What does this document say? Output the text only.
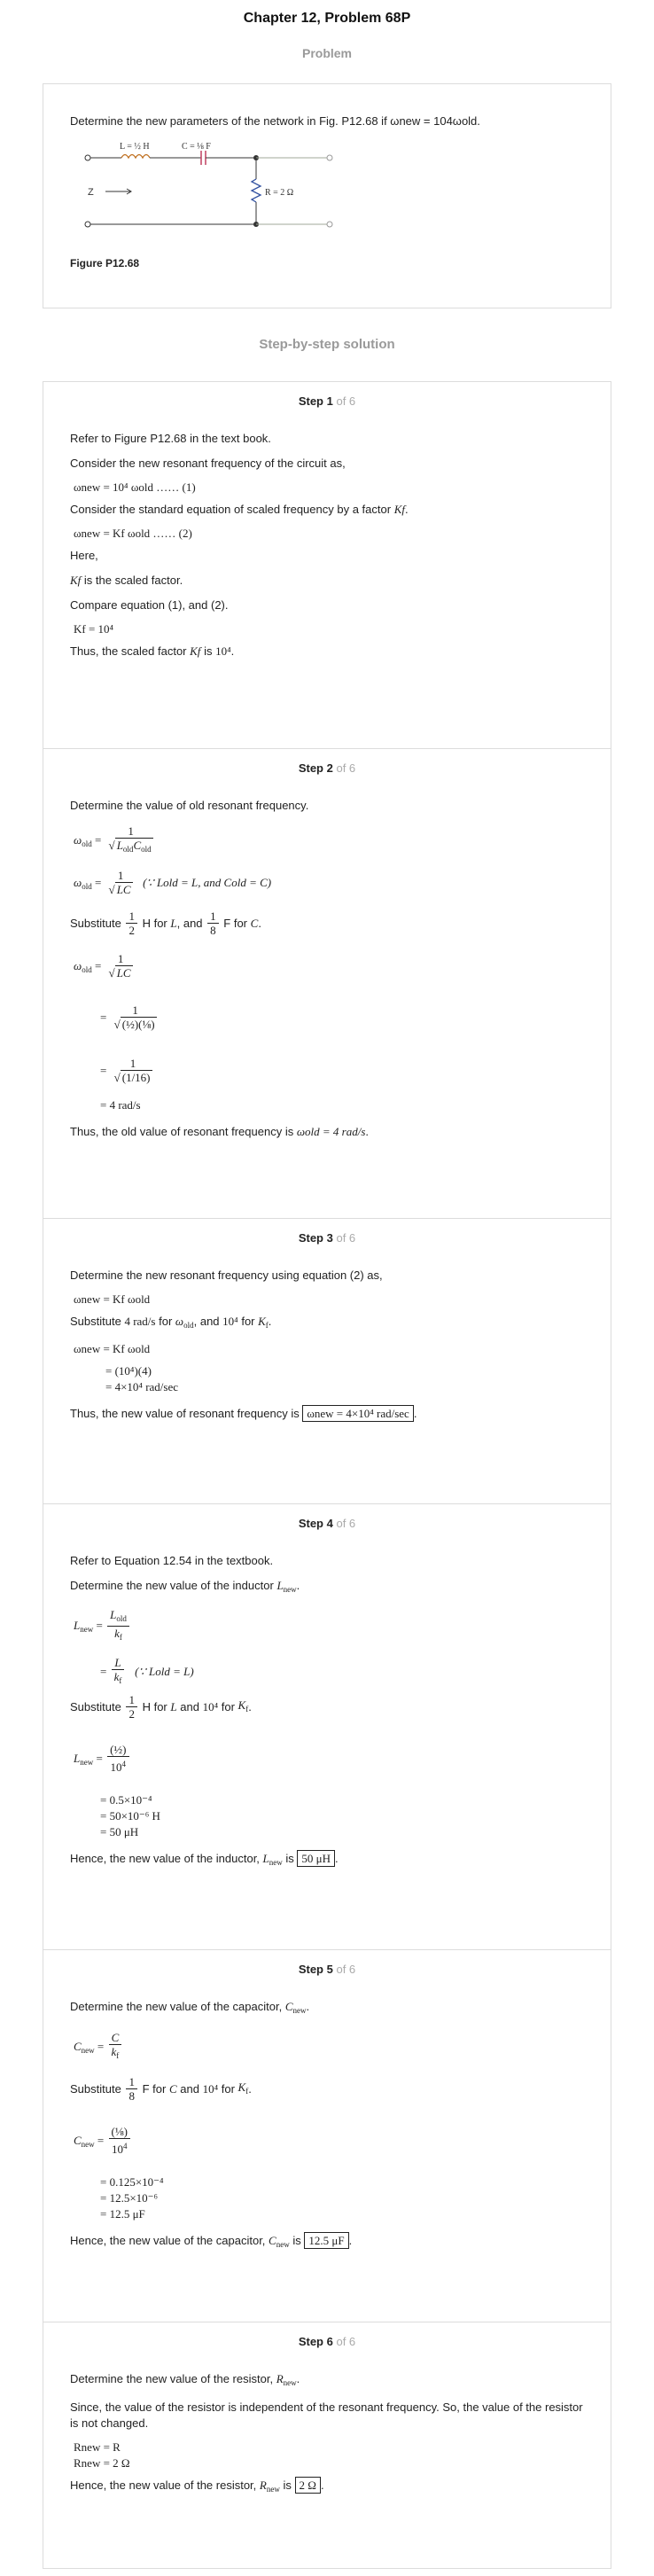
Chapter 12, Problem 68P
Problem
Determine the new parameters of the network in Fig. P12.68 if ωnew = 104ωold.
L = ½ H	C = ⅛ F
R = 2 Ω
Z
Figure P12.68
Step-by-step solution
Step 1 of 6
Refer to Figure P12.68 in the text book.
Consider the new resonant frequency of the circuit as,
ωnew = 10⁴ ωold …… (1)
Consider the standard equation of scaled frequency by a factor Kf.
ωnew = Kf ωold …… (2)
Here,
Kf is the scaled factor.
Compare equation (1), and (2).
Kf = 10⁴
Thus, the scaled factor Kf is 10⁴.
Step 2 of 6
Determine the value of old resonant frequency.
$\omega_{old} = \frac{1}{√ L_{old}C_{old}}$
$\omega_{old} = \frac{1}{√ LC}$
(∵ Lold = L, and Cold = C)
Substitute
$\frac{1}{2}$
H for
L , and
$\frac{1}{8}$
F for
C .
$\omega_{old} = \frac{1}{√ LC}$
= $\frac{1}{\text{√ (½)(⅛)}}$
= $\frac{1}{√ (1/16)}$
= 4 rad/s
Thus, the old value of resonant frequency is ωold = 4 rad/s.
Step 3 of 6
Determine the new resonant frequency using equation (2) as,
ωnew = Kf ωold
Substitute 4 rad/s for $\omega_{old}$, and 10⁴ for $K_f$.
ωnew = Kf ωold
= (10⁴)(4)
= 4×10⁴ rad/sec
Thus, the new value of resonant frequency is ωnew = 4×10⁴ rad/sec .
Step 4 of 6
Refer to Equation 12.54 in the textbook.
Determine the new value of the inductor $L_{new}$.
$L_{new} = \frac{L_{old}}{k_f}$
= $\frac{L}{k_f}$
(∵ Lold = L)
Substitute
$\frac{1}{2}$
H for
L
and
10⁴
for
$K_f$ .
$L_{new} = \frac{\text{(½)}}{10^4}$
= 0.5×10⁻⁴
= 50×10⁻⁶ H
= 50 μH
Hence, the new value of the inductor, $L_{new}$ is 50 μH .
Step 5 of 6
Determine the new value of the capacitor, $C_{new}$.
$C_{new} = \frac{C}{k_f}$
Substitute
$\frac{1}{8}$
F for
C
and
10⁴
for
$K_f$ .
$C_{new} = \frac{\text{(⅛)}}{10^4}$
= 0.125×10⁻⁴
= 12.5×10⁻⁶
= 12.5 μF
Hence, the new value of the capacitor, $C_{new}$ is 12.5 μF .
Step 6 of 6
Determine the new value of the resistor, $R_{new}$.
Since, the value of the resistor is independent of the resonant frequency. So, the value of the resistor is not changed.
Rnew = R
Rnew = 2 Ω
Hence, the new value of the resistor, $R_{new}$ is 2 Ω .
